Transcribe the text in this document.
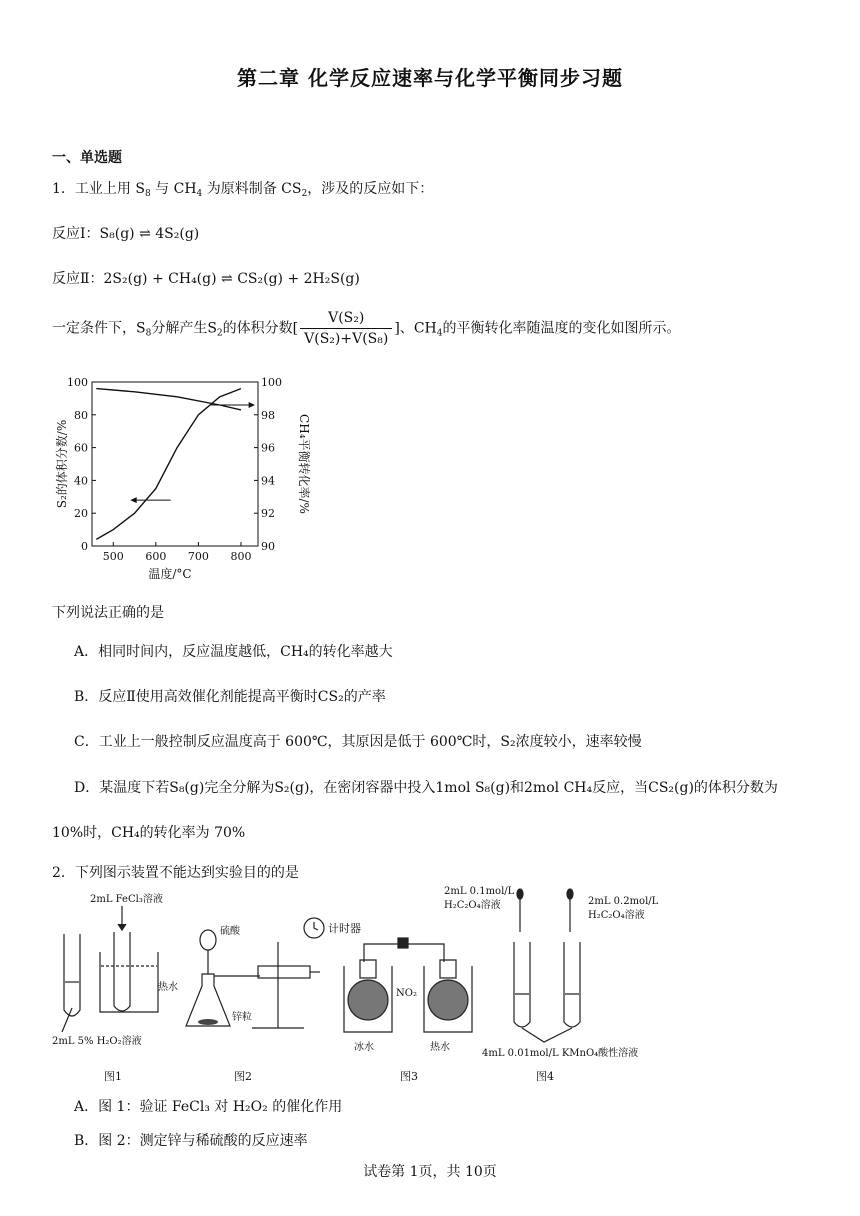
第二章 化学反应速率与化学平衡同步习题
一、单选题
1．工业上用 $S_8$ 与 $CH_4$ 为原料制备 $CS_2$，涉及的反应如下：
反应Ⅰ：S₈(g) ⇌ 4S₂(g)
反应Ⅱ：2S₂(g) + CH₄(g) ⇌ CS₂(g) + 2H₂S(g)
一定条件下，$S_8$分解产生$S_2$的体积分数[ $\frac{\text{V(S₂)}}{\text{V(S₂)+V(S₈)}}$ ]、$CH_4$的平衡转化率随温度的变化如图所示。
500 600 700 800
0
20
40
60
80
100
90
92
94
96
98
100
温度/°C
S₂的体积分数/%	CH₄平衡转化率/%
下列说法正确的是
A．相同时间内，反应温度越低，CH₄的转化率越大
B．反应Ⅱ使用高效催化剂能提高平衡时CS₂的产率
C．工业上一般控制反应温度高于 600℃，其原因是低于 600℃时，S₂浓度较小，速率较慢
D．某温度下若S₈(g)完全分解为S₂(g)，在密闭容器中投入1mol S₈(g)和2mol CH₄反应，当CS₂(g)的体积分数为
10%时，CH₄的转化率为 70%
2．下列图示装置不能达到实验目的的是
2mL FeCl₃溶液
热水
2mL 5% H₂O₂溶液
图1
硫酸
锌粒
计时器
图2
NO₂
冰水	热水
图3
2mL 0.1mol/L
H₂C₂O₄溶液	2mL 0.2mol/L
H₂C₂O₄溶液
4mL 0.01mol/L KMnO₄酸性溶液
图4
A．图 1：验证 FeCl₃ 对 H₂O₂ 的催化作用
B．图 2：测定锌与稀硫酸的反应速率
试卷第 1页，共 10页
